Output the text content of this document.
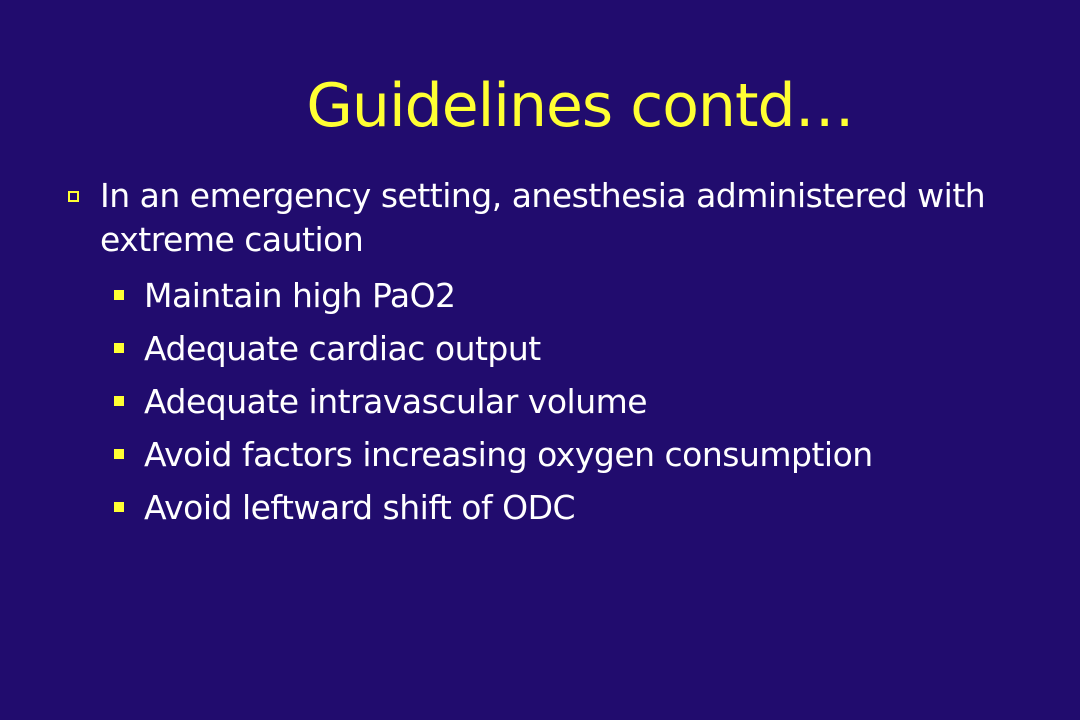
Guidelines contd…
In an emergency setting, anesthesia administered with extreme caution
Maintain high PaO2
Adequate cardiac output
Adequate intravascular volume
Avoid factors increasing oxygen consumption
Avoid leftward shift of ODC
